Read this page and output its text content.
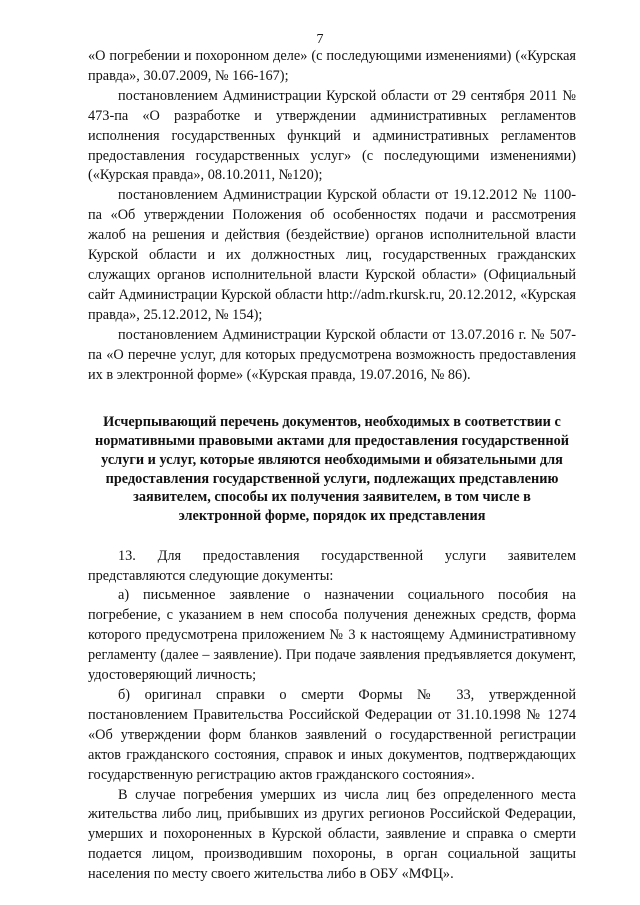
7

«О погребении и похоронном деле» (с последующими изменениями) («Курская правда», 30.07.2009, № 166-167);

постановлением Администрации Курской области от 29 сентября 2011 № 473-па «О разработке и утверждении административных регламентов исполнения государственных функций и административных регламентов предоставления государственных услуг» (с последующими изменениями) («Курская правда», 08.10.2011, №120);

постановлением Администрации Курской области от 19.12.2012 № 1100-па «Об утверждении Положения об особенностях подачи и рассмотрения жалоб на решения и действия (бездействие) органов исполнительной власти Курской области и их должностных лиц, государственных гражданских служащих органов исполнительной власти Курской области» (Официальный сайт Администрации Курской области http://adm.rkursk.ru, 20.12.2012, «Курская правда», 25.12.2012, № 154);

постановлением Администрации Курской области от 13.07.2016 г. № 507-па «О перечне услуг, для которых предусмотрена возможность предоставления их в электронной форме» («Курская правда, 19.07.2016, № 86).

Исчерпывающий перечень документов, необходимых в соответствии с нормативными правовыми актами для предоставления государственной услуги и услуг, которые являются необходимыми и обязательными для предоставления государственной услуги, подлежащих представлению заявителем, способы их получения заявителем, в том числе в электронной форме, порядок их представления

13. Для предоставления государственной услуги заявителем представляются следующие документы:

а) письменное заявление о назначении социального пособия на погребение, с указанием в нем способа получения денежных средств, форма которого предусмотрена приложением № 3 к настоящему Административному регламенту (далее – заявление). При подаче заявления предъявляется документ, удостоверяющий личность;

б) оригинал справки о смерти Формы № 33, утвержденной постановлением Правительства Российской Федерации от 31.10.1998 № 1274 «Об утверждении форм бланков заявлений о государственной регистрации актов гражданского состояния, справок и иных документов, подтверждающих государственную регистрацию актов гражданского состояния».

В случае погребения умерших из числа лиц без определенного места жительства либо лиц, прибывших из других регионов Российской Федерации, умерших и похороненных в Курской области, заявление и справка о смерти подается лицом, производившим похороны, в орган социальной защиты населения по месту своего жительства либо в ОБУ «МФЦ».
